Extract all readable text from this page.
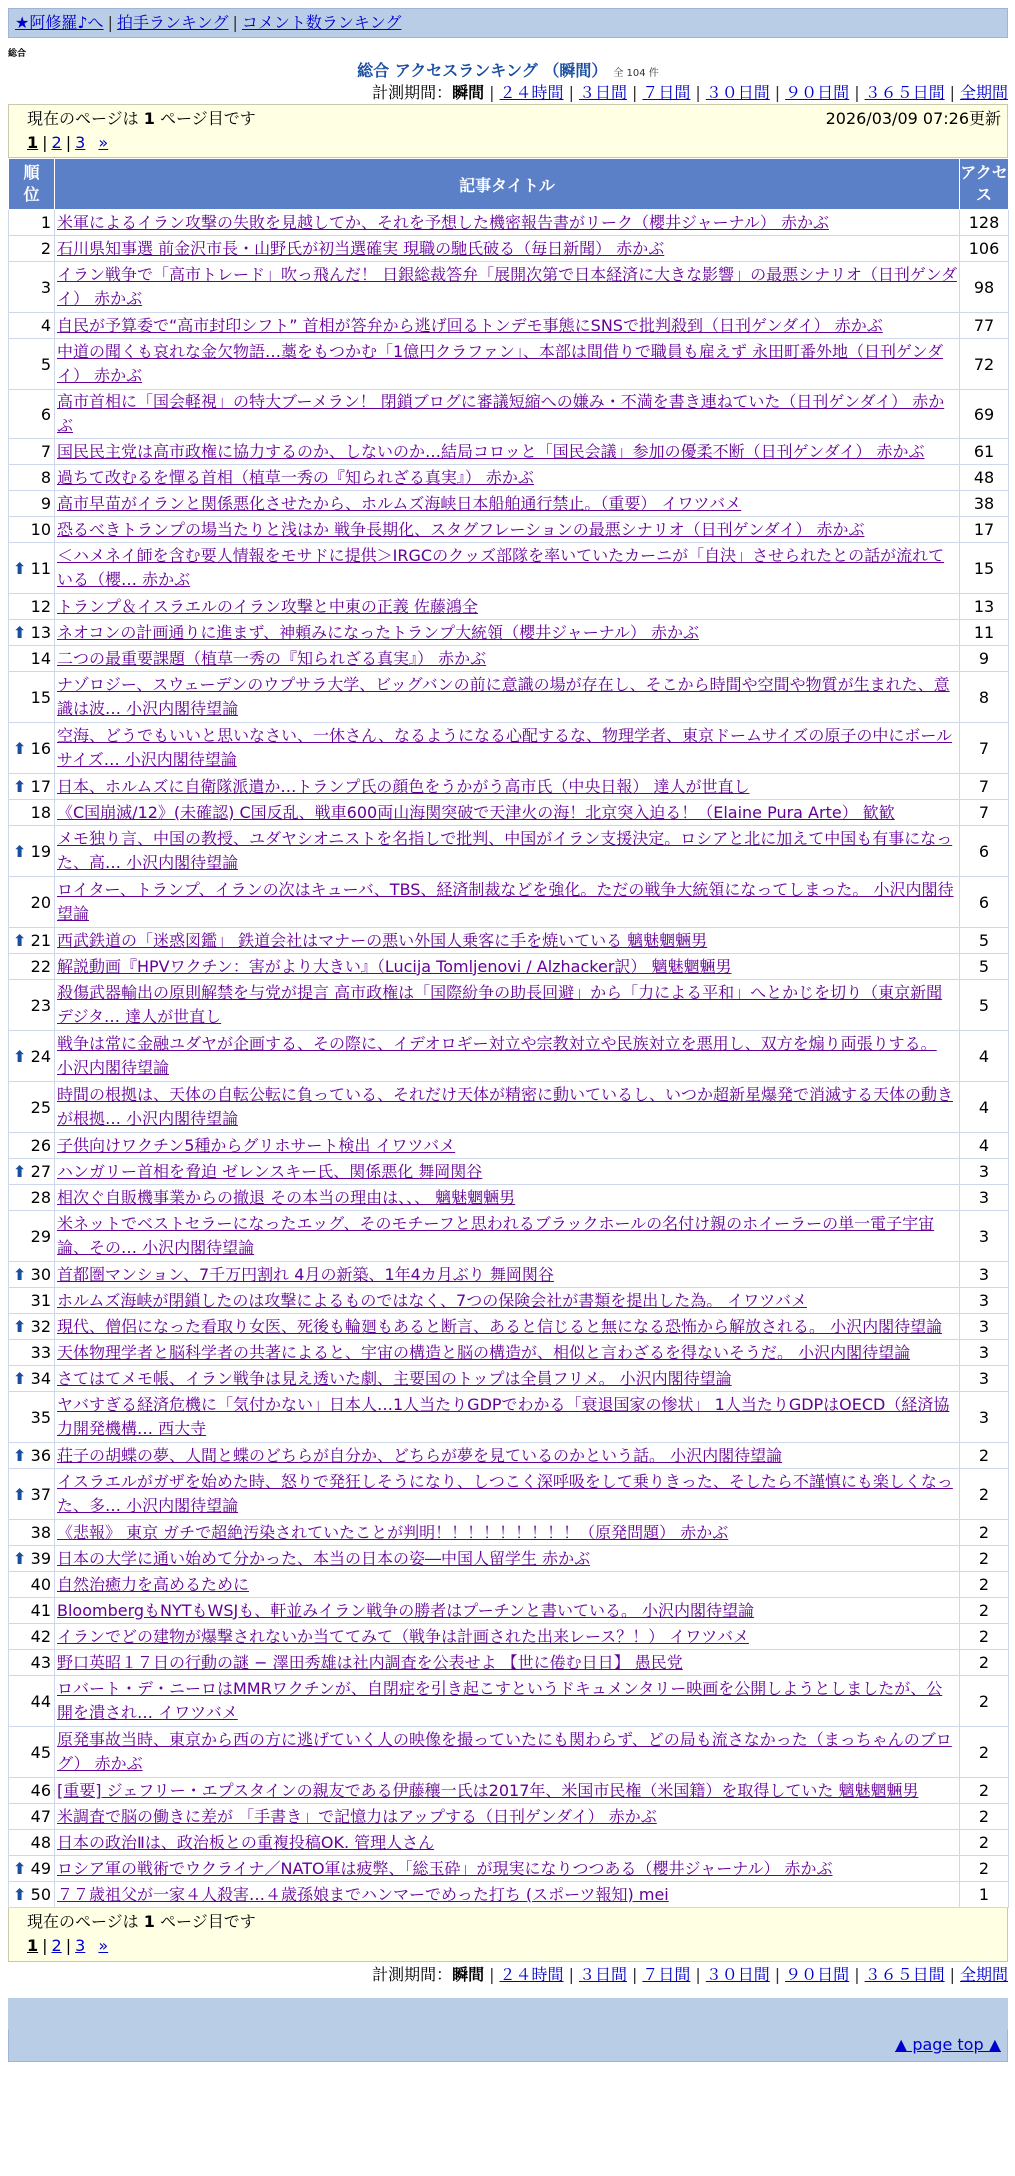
★阿修羅♪へ | 拍手ランキング | コメント数ランキング
総合
総合 アクセスランキング （瞬間） 全 104 件
計測期間：瞬間 | ２４時間 | ３日間 | ７日間 | ３０日間 | ９０日間 | ３６５日間 | 全期間
現在のページは 1 ページ目です	2026/03/09 07:26更新
1 | 2 | 3 »
順位	記事タイトル	アクセス
1	米軍によるイラン攻撃の失敗を見越してか、それを予想した機密報告書がリーク（櫻井ジャーナル） 赤かぶ	128
2	石川県知事選 前金沢市長・山野氏が初当選確実 現職の馳氏破る（毎日新聞） 赤かぶ	106
3	イラン戦争で「高市トレード」吹っ飛んだ！ 日銀総裁答弁「展開次第で日本経済に大きな影響」の最悪シナリオ（日刊ゲンダイ） 赤かぶ	98
4	自民が予算委で“高市封印シフト” 首相が答弁から逃げ回るトンデモ事態にSNSで批判殺到（日刊ゲンダイ） 赤かぶ	77
5	中道の聞くも哀れな金欠物語…藁をもつかむ「1億円クラファン」、本部は間借りで職員も雇えず 永田町番外地（日刊ゲンダイ） 赤かぶ	72
6	高市首相に「国会軽視」の特大ブーメラン！ 閉鎖ブログに審議短縮への嫌み・不満を書き連ねていた（日刊ゲンダイ） 赤かぶ	69
7	国民民主党は高市政権に協力するのか、しないのか…結局コロッと「国民会議」参加の優柔不断（日刊ゲンダイ） 赤かぶ	61
8	過ちて改むるを憚る首相（植草一秀の『知られざる真実』） 赤かぶ	48
9	高市早苗がイランと関係悪化させたから、ホルムズ海峡日本船舶通行禁止。（重要） イワツバメ	38
10	恐るべきトランプの場当たりと浅はか 戦争長期化、スタグフレーションの最悪シナリオ（日刊ゲンダイ） 赤かぶ	17

⬆ 11	＜ハメネイ師を含む要人情報をモサドに提供＞IRGCのクッズ部隊を率いていたカーニが「自決」させられたとの話が流れている（櫻… 赤かぶ	15
12	トランプ＆イスラエルのイラン攻撃と中東の正義 佐藤鴻全	13

⬆ 13	ネオコンの計画通りに進まず、神頼みになったトランプ大統領（櫻井ジャーナル） 赤かぶ	11
14	二つの最重要課題（植草一秀の『知られざる真実』） 赤かぶ	9
15	ナゾロジー、スウェーデンのウプサラ大学、ビッグバンの前に意識の場が存在し、そこから時間や空間や物質が生まれた、意識は波… 小沢内閣待望論	8

⬆ 16	空海、どうでもいいと思いなさい、一休さん、なるようになる心配するな、物理学者、東京ドームサイズの原子の中にボールサイズ… 小沢内閣待望論	7

⬆ 17	日本、ホルムズに自衛隊派遣か…トランプ氏の顔色をうかがう高市氏（中央日報） 達人が世直し	7
18	《C国崩滅/12》(未確認) C国反乱、戦車600両山海関突破で天津火の海！北京突入迫る！（Elaine Pura Arte） 歓歓	7

⬆ 19	メモ独り言、中国の教授、ユダヤシオニストを名指しで批判、中国がイラン支援決定。ロシアと北に加えて中国も有事になった、高… 小沢内閣待望論	6
20	ロイター、トランプ、イランの次はキューバ、TBS、経済制裁などを強化。ただの戦争大統領になってしまった。 小沢内閣待望論	6

⬆ 21	西武鉄道の「迷惑図鑑」 鉄道会社はマナーの悪い外国人乗客に手を焼いている 魑魅魍魎男	5
22	解説動画『HPVワクチン：害がより大きい』（Lucija Tomljenovi / Alzhacker訳） 魑魅魍魎男	5
23	殺傷武器輸出の原則解禁を与党が提言 高市政権は「国際紛争の助長回避」から「力による平和」へとかじを切り（東京新聞デジタ… 達人が世直し	5

⬆ 24	戦争は常に金融ユダヤが企画する、その際に、イデオロギー対立や宗教対立や民族対立を悪用し、双方を煽り両張りする。 小沢内閣待望論	4
25	時間の根拠は、天体の自転公転に負っている、それだけ天体が精密に動いているし、いつか超新星爆発で消滅する天体の動きが根拠… 小沢内閣待望論	4
26	子供向けワクチン5種からグリホサート検出 イワツバメ	4

⬆ 27	ハンガリー首相を脅迫 ゼレンスキー氏、関係悪化 舞岡関谷	3
28	相次ぐ自販機事業からの撤退 その本当の理由は、、、 魑魅魍魎男	3
29	米ネットでベストセラーになったエッグ、そのモチーフと思われるブラックホールの名付け親のホイーラーの単一電子宇宙論、その… 小沢内閣待望論	3

⬆ 30	首都圏マンション、7千万円割れ 4月の新築、1年4カ月ぶり 舞岡関谷	3
31	ホルムズ海峡が閉鎖したのは攻撃によるものではなく、7つの保険会社が書類を提出した為。 イワツバメ	3

⬆ 32	現代、僧侶になった看取り女医、死後も輪廻もあると断言、あると信じると無になる恐怖から解放される。 小沢内閣待望論	3
33	天体物理学者と脳科学者の共著によると、宇宙の構造と脳の構造が、相似と言わざるを得ないそうだ。 小沢内閣待望論	3

⬆ 34	さてはてメモ帳、イラン戦争は見え透いた劇、主要国のトップは全員フリメ。 小沢内閣待望論	3
35	ヤバすぎる経済危機に「気付かない」日本人…1人当たりGDPでわかる「衰退国家の惨状」 1人当たりGDPはOECD（経済協力開発機構… 西大寺	3

⬆ 36	荘子の胡蝶の夢、人間と蝶のどちらが自分か、どちらが夢を見ているのかという話。 小沢内閣待望論	2

⬆ 37	イスラエルがガザを始めた時、怒りで発狂しそうになり、しつこく深呼吸をして乗りきった、そしたら不謹慎にも楽しくなった、多… 小沢内閣待望論	2
38	《悲報》 東京 ガチで超絶汚染されていたことが判明！！！！！！！！！（原発問題） 赤かぶ	2

⬆ 39	日本の大学に通い始めて分かった、本当の日本の姿―中国人留学生 赤かぶ	2
40	自然治癒力を高めるために	2
41	BloombergもNYTもWSJも、軒並みイラン戦争の勝者はプーチンと書いている。 小沢内閣待望論	2
42	イランでどの建物が爆撃されないか当ててみて（戦争は計画された出来レース？！） イワツバメ	2
43	野口英昭１７日の行動の謎 − 澤田秀雄は社内調査を公表せよ 【世に倦む日日】 愚民党	2
44	ロバート・デ・ニーロはMMRワクチンが、自閉症を引き起こすというドキュメンタリー映画を公開しようとしましたが、公開を潰され… イワツバメ	2
45	原発事故当時、東京から西の方に逃げていく人の映像を撮っていたにも関わらず、どの局も流さなかった（まっちゃんのブログ） 赤かぶ	2
46	[重要] ジェフリー・エプスタインの親友である伊藤穰一氏は2017年、米国市民権（米国籍）を取得していた 魑魅魍魎男	2
47	米調査で脳の働きに差が 「手書き」で記憶力はアップする（日刊ゲンダイ） 赤かぶ	2
48	日本の政治Ⅱは、政治板との重複投稿OK. 管理人さん	2

⬆ 49	ロシア軍の戦術でウクライナ／NATO軍は疲弊、「総玉砕」が現実になりつつある（櫻井ジャーナル） 赤かぶ	2

⬆ 50	７７歳祖父が一家４人殺害…４歳孫娘までハンマーでめった打ち (スポーツ報知) mei	1
現在のページは 1 ページ目です
1 | 2 | 3 »
計測期間：瞬間 | ２４時間 | ３日間 | ７日間 | ３０日間 | ９０日間 | ３６５日間 | 全期間
▲ page top ▲
